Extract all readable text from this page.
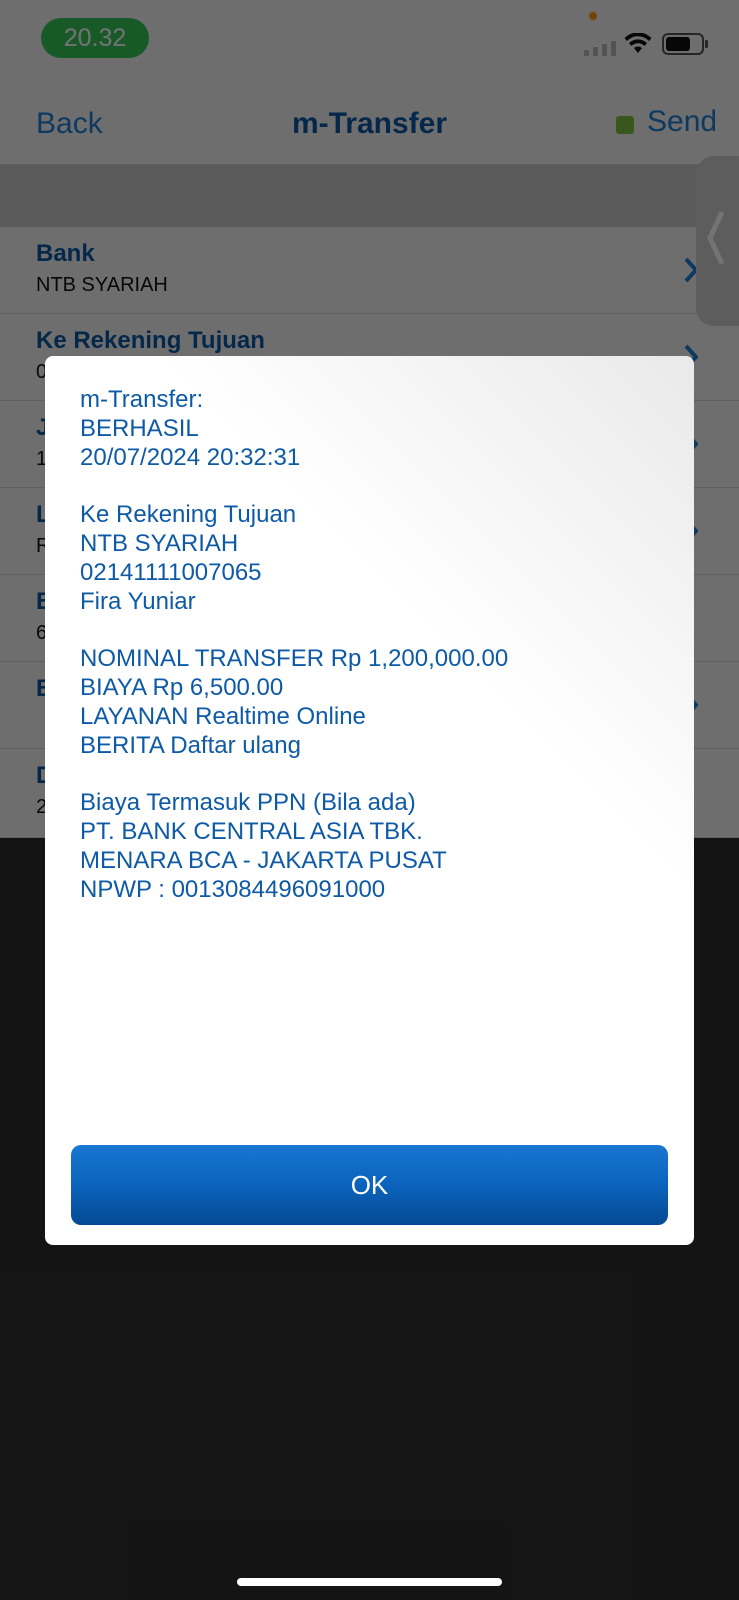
m-Transfer:
BERHASIL
20/07/2024 20:32:31
Ke Rekening Tujuan
NTB SYARIAH
02141111007065
Fira Yuniar
NOMINAL TRANSFER Rp 1,200,000.00
BIAYA Rp 6,500.00
LAYANAN Realtime Online
BERITA Daftar ulang
Biaya Termasuk PPN (Bila ada)
PT. BANK CENTRAL ASIA TBK.
MENARA BCA - JAKARTA PUSAT
NPWP : 0013084496091000
OK
